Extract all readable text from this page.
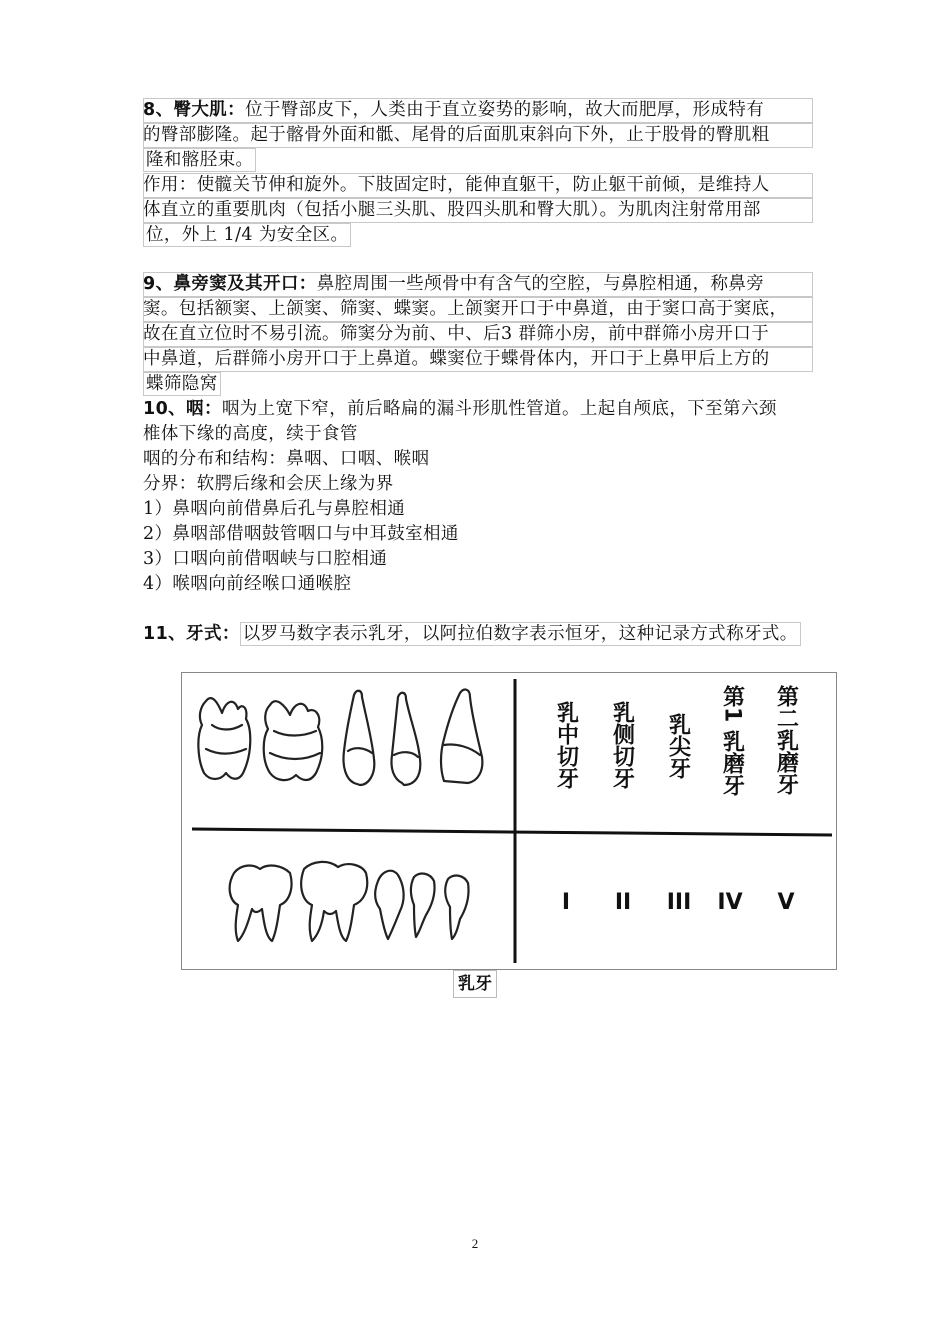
8、臀大肌：位于臀部皮下，人类由于直立姿势的影响，故大而肥厚，形成特有
的臀部膨隆。起于髂骨外面和骶、尾骨的后面肌束斜向下外，止于股骨的臀肌粗
隆和髂胫束。
作用：使髋关节伸和旋外。下肢固定时，能伸直躯干，防止躯干前倾，是维持人
体直立的重要肌肉（包括小腿三头肌、股四头肌和臀大肌）。为肌肉注射常用部
位，外上 1/4 为安全区。
9、鼻旁窦及其开口：鼻腔周围一些颅骨中有含气的空腔，与鼻腔相通，称鼻旁
窦。包括额窦、上颌窦、筛窦、蝶窦。上颌窦开口于中鼻道，由于窦口高于窦底，
故在直立位时不易引流。筛窦分为前、中、后3 群筛小房，前中群筛小房开口于
中鼻道，后群筛小房开口于上鼻道。蝶窦位于蝶骨体内，开口于上鼻甲后上方的
蝶筛隐窝
10、咽：咽为上宽下窄，前后略扁的漏斗形肌性管道。上起自颅底，下至第六颈
椎体下缘的高度，续于食管
咽的分布和结构：鼻咽、口咽、喉咽
分界：软腭后缘和会厌上缘为界
1）鼻咽向前借鼻后孔与鼻腔相通
2）鼻咽部借咽鼓管咽口与中耳鼓室相通
3）口咽向前借咽峡与口腔相通
4）喉咽向前经喉口通喉腔
11、牙式： 以罗马数字表示乳牙，以阿拉伯数字表示恒牙，这种记录方式称牙式。
乳中切牙 乳侧切牙 乳尖牙 第1 乳磨牙 第二乳磨牙
I II III IV V
乳牙
2
